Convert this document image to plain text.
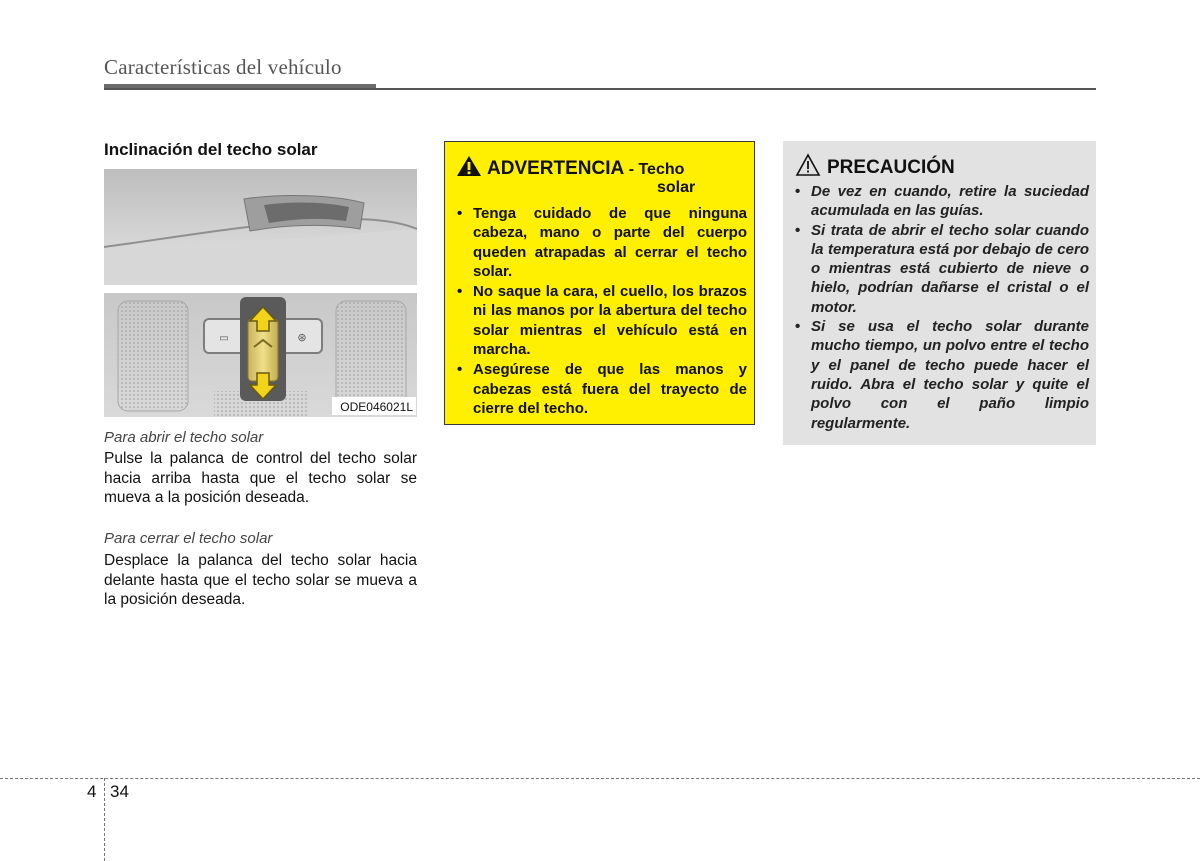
Características del vehículo
Inclinación del techo solar
▭	⊛
ODE046021L
Para abrir el techo solar
Pulse la palanca de control del techo solar hacia arriba hasta que el techo solar se mueva a la posición deseada.
Para cerrar el techo solar
Desplace la palanca del techo solar hacia delante hasta que el techo solar se mueva a la posición deseada.
ADVERTENCIA - Techo
solar
• Tenga cuidado de que ninguna cabeza, mano o parte del cuerpo queden atrapadas al cerrar el techo solar.
• No saque la cara, el cuello, los brazos ni las manos por la abertura del techo solar mientras el vehículo está en marcha.
• Asegúrese de que las manos y cabezas está fuera del trayecto de cierre del techo.
PRECAUCIÓN
• De vez en cuando, retire la suciedad acumulada en las guías.
• Si trata de abrir el techo solar cuando la temperatura está por debajo de cero o mientras está cubierto de nieve o hielo, podrían dañarse el cristal o el motor.
• Si se usa el techo solar durante mucho tiempo, un polvo entre el techo y el panel de techo puede hacer el ruido. Abra el techo solar y quite el polvo con el paño limpio regularmente.
4 34
